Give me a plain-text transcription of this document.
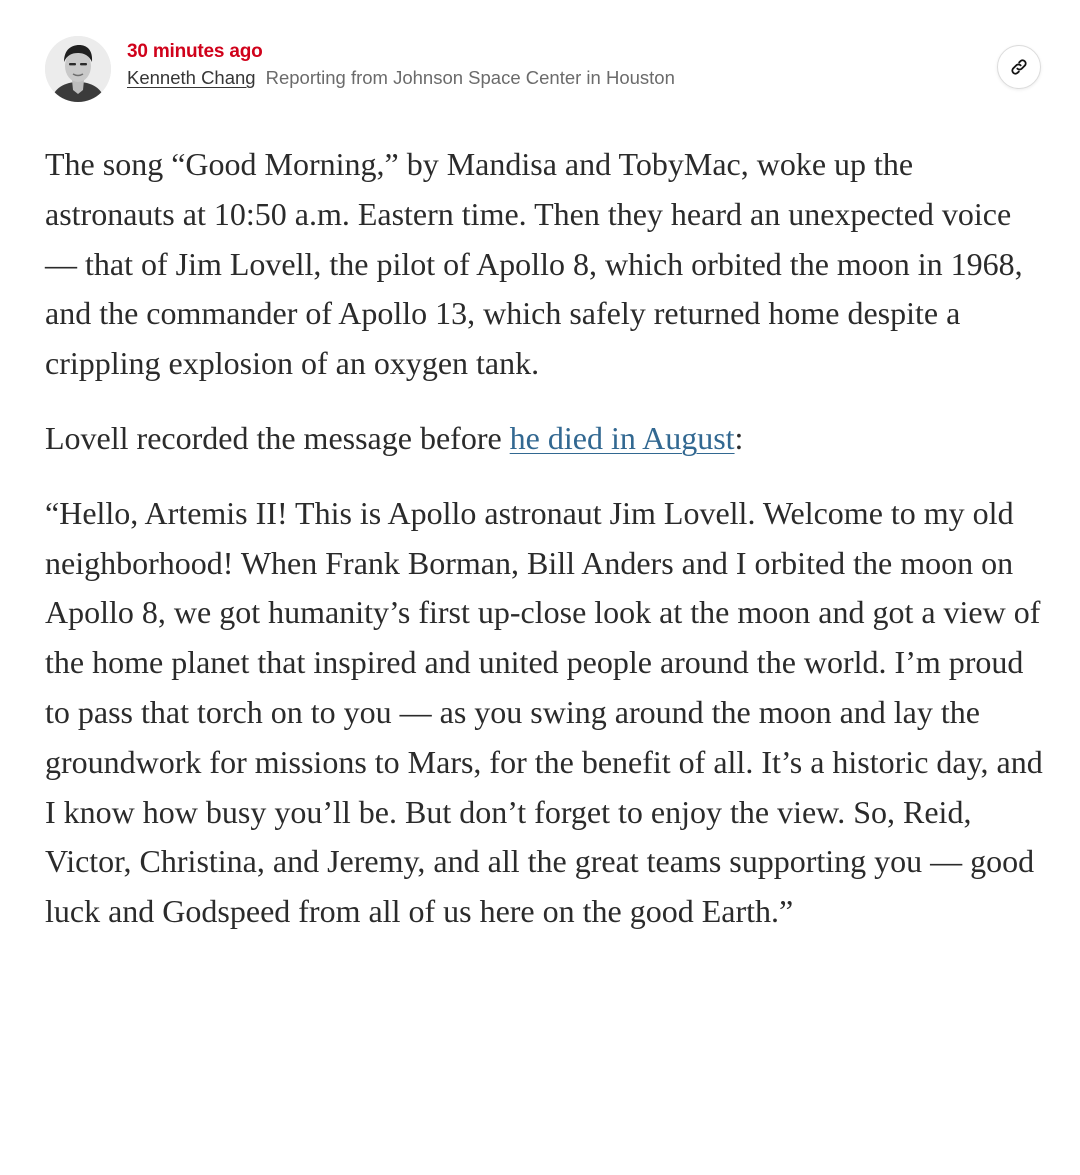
30 minutes ago
Kenneth Chang Reporting from Johnson Space Center in Houston

The song “Good Morning,” by Mandisa and TobyMac, woke up the astronauts at 10:50 a.m. Eastern time. Then they heard an unexpected voice — that of Jim Lovell, the pilot of Apollo 8, which orbited the moon in 1968, and the commander of Apollo 13, which safely returned home despite a crippling explosion of an oxygen tank.

Lovell recorded the message before he died in August:

“Hello, Artemis II! This is Apollo astronaut Jim Lovell. Welcome to my old neighborhood! When Frank Borman, Bill Anders and I orbited the moon on Apollo 8, we got humanity’s first up-close look at the moon and got a view of the home planet that inspired and united people around the world. I’m proud to pass that torch on to you — as you swing around the moon and lay the groundwork for missions to Mars, for the benefit of all. It’s a historic day, and I know how busy you’ll be. But don’t forget to enjoy the view. So, Reid, Victor, Christina, and Jeremy, and all the great teams supporting you — good luck and Godspeed from all of us here on the good Earth.”
